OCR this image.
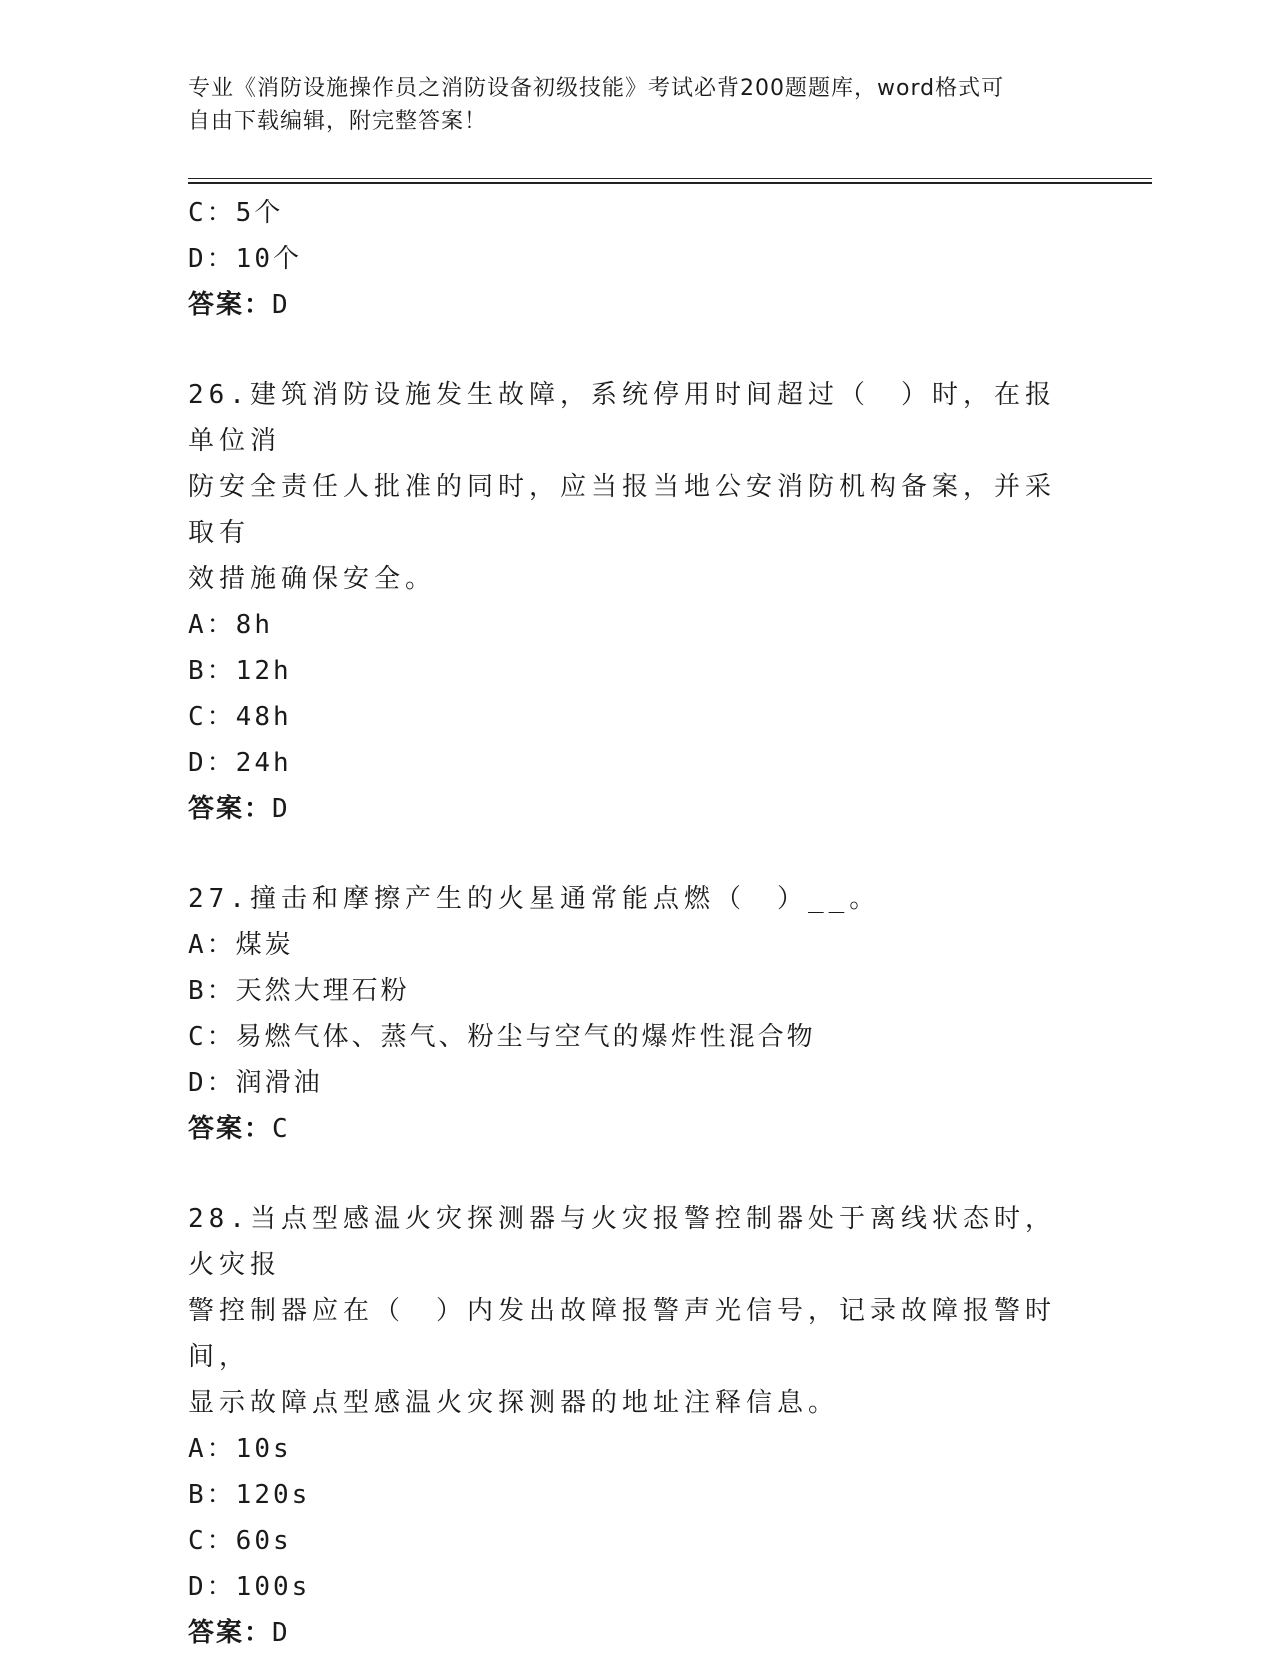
专业《消防设施操作员之消防设备初级技能》考试必背200题题库，word格式可
自由下载编辑，附完整答案！
C：5个
D：10个
答案：D
26.建筑消防设施发生故障，系统停用时间超过（　）时，在报单位消
防安全责任人批准的同时，应当报当地公安消防机构备案，并采取有
效措施确保安全。
A：8h
B：12h
C：48h
D：24h
答案：D
27.撞击和摩擦产生的火星通常能点燃（　）__。
A：煤炭
B：天然大理石粉
C：易燃气体、蒸气、粉尘与空气的爆炸性混合物
D：润滑油
答案：C
28.当点型感温火灾探测器与火灾报警控制器处于离线状态时，火灾报
警控制器应在（　）内发出故障报警声光信号，记录故障报警时间，
显示故障点型感温火灾探测器的地址注释信息。
A：10s
B：120s
C：60s
D：100s
答案：D
